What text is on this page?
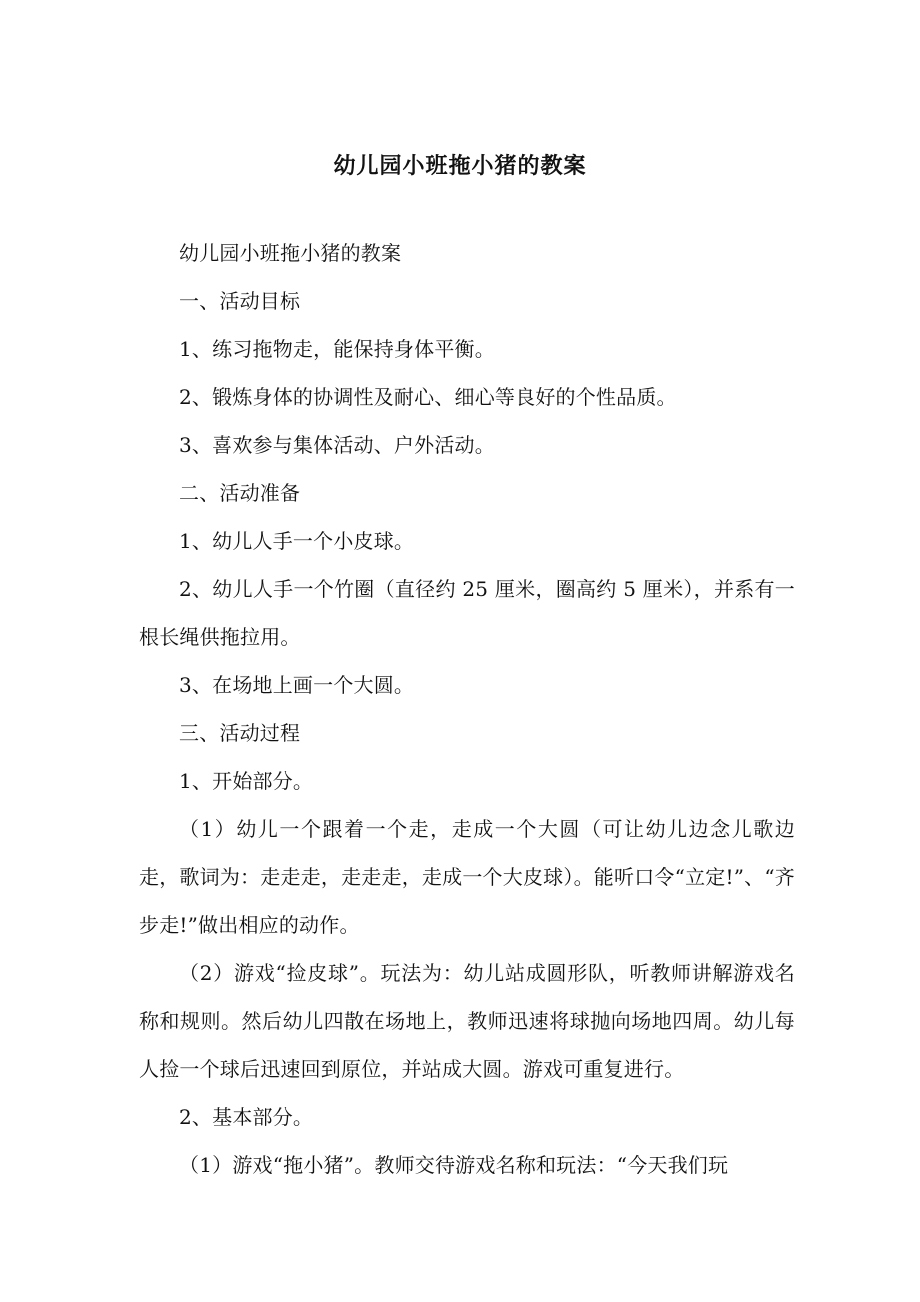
幼儿园小班拖小猪的教案

幼儿园小班拖小猪的教案

一、活动目标

1、练习拖物走，能保持身体平衡。

2、锻炼身体的协调性及耐心、细心等良好的个性品质。

3、喜欢参与集体活动、户外活动。

二、活动准备

1、幼儿人手一个小皮球。

2、幼儿人手一个竹圈（直径约 25 厘米，圈高约 5 厘米），并系有一根长绳供拖拉用。

3、在场地上画一个大圆。

三、活动过程

1、开始部分。

（1）幼儿一个跟着一个走，走成一个大圆（可让幼儿边念儿歌边走，歌词为：走走走，走走走，走成一个大皮球）。能听口令“立定!”、“齐步走!”做出相应的动作。

（2）游戏“捡皮球”。玩法为：幼儿站成圆形队，听教师讲解游戏名称和规则。然后幼儿四散在场地上，教师迅速将球抛向场地四周。幼儿每人捡一个球后迅速回到原位，并站成大圆。游戏可重复进行。

2、基本部分。

（1）游戏“拖小猪”。教师交待游戏名称和玩法：“今天我们玩
